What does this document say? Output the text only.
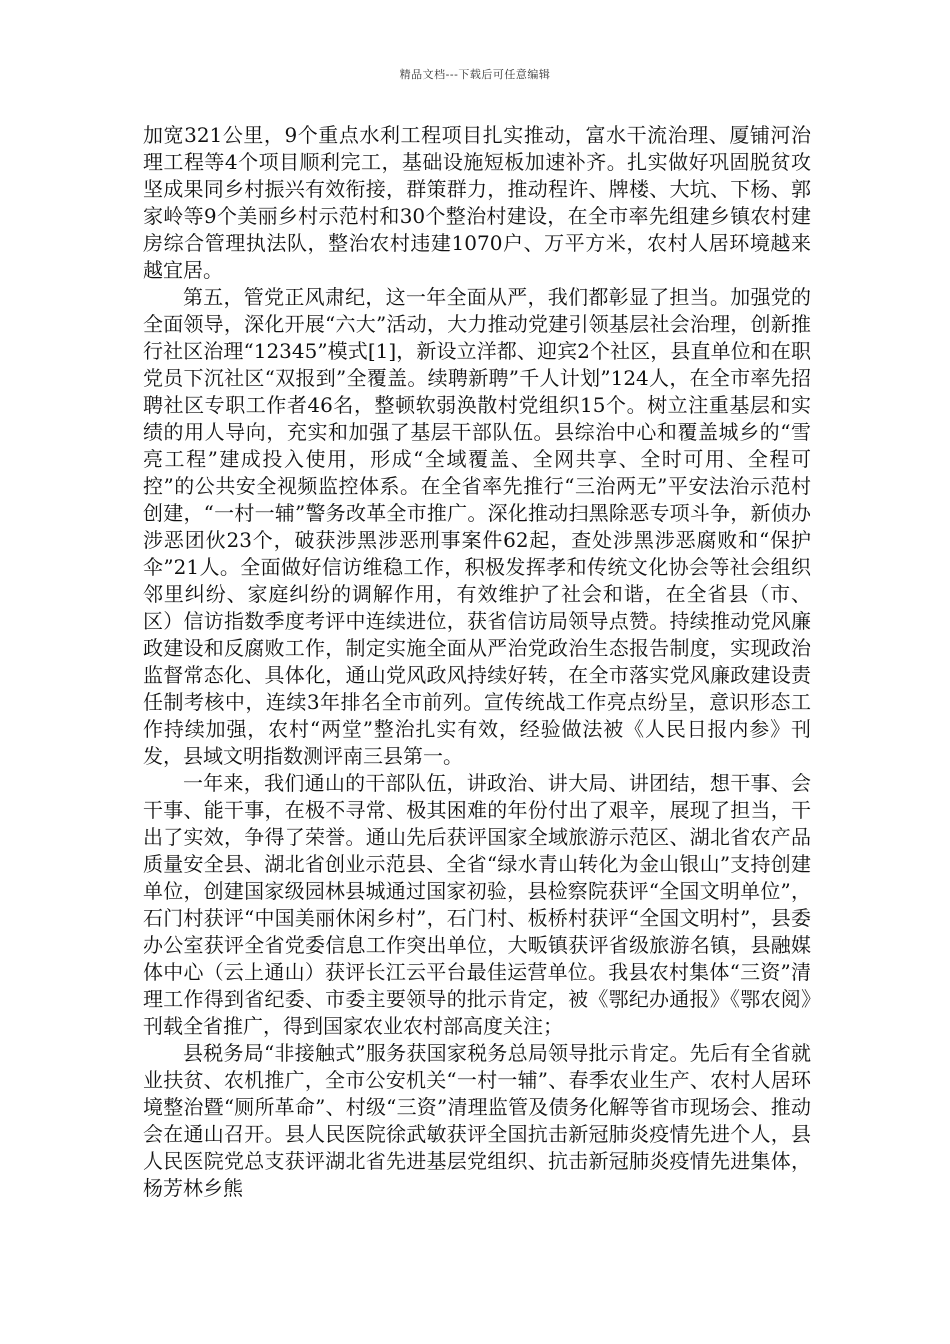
精品文档---下载后可任意编辑

加宽321公里，9个重点水利工程项目扎实推动，富水干流治理、厦铺河治理工程等4个项目顺利完工，基础设施短板加速补齐。扎实做好巩固脱贫攻坚成果同乡村振兴有效衔接，群策群力，推动程许、牌楼、大坑、下杨、郭家岭等9个美丽乡村示范村和30个整治村建设，在全市率先组建乡镇农村建房综合管理执法队，整治农村违建1070户、万平方米，农村人居环境越来越宜居。

第五，管党正风肃纪，这一年全面从严，我们都彰显了担当。加强党的全面领导，深化开展“六大”活动，大力推动党建引领基层社会治理，创新推行社区治理“12345”模式[1]，新设立洋都、迎宾2个社区，县直单位和在职党员下沉社区“双报到”全覆盖。续聘新聘”千人计划”124人，在全市率先招聘社区专职工作者46名，整顿软弱涣散村党组织15个。树立注重基层和实绩的用人导向，充实和加强了基层干部队伍。县综治中心和覆盖城乡的“雪亮工程”建成投入使用，形成“全域覆盖、全网共享、全时可用、全程可控”的公共安全视频监控体系。在全省率先推行“三治两无”平安法治示范村创建，“一村一辅”警务改革全市推广。深化推动扫黑除恶专项斗争，新侦办涉恶团伙23个，破获涉黑涉恶刑事案件62起，查处涉黑涉恶腐败和“保护伞”21人。全面做好信访维稳工作，积极发挥孝和传统文化协会等社会组织邻里纠纷、家庭纠纷的调解作用，有效维护了社会和谐，在全省县（市、区）信访指数季度考评中连续进位，获省信访局领导点赞。持续推动党风廉政建设和反腐败工作，制定实施全面从严治党政治生态报告制度，实现政治监督常态化、具体化，通山党风政风持续好转，在全市落实党风廉政建设责任制考核中，连续3年排名全市前列。宣传统战工作亮点纷呈，意识形态工作持续加强，农村“两堂”整治扎实有效，经验做法被《人民日报内参》刊发，县域文明指数测评南三县第一。

一年来，我们通山的干部队伍，讲政治、讲大局、讲团结，想干事、会干事、能干事，在极不寻常、极其困难的年份付出了艰辛，展现了担当，干出了实效，争得了荣誉。通山先后获评国家全域旅游示范区、湖北省农产品质量安全县、湖北省创业示范县、全省“绿水青山转化为金山银山”支持创建单位，创建国家级园林县城通过国家初验，县检察院获评“全国文明单位”，石门村获评“中国美丽休闲乡村”，石门村、板桥村获评“全国文明村”，县委办公室获评全省党委信息工作突出单位，大畈镇获评省级旅游名镇，县融媒体中心（云上通山）获评长江云平台最佳运营单位。我县农村集体“三资”清理工作得到省纪委、市委主要领导的批示肯定，被《鄂纪办通报》《鄂农阅》刊载全省推广，得到国家农业农村部高度关注；

县税务局“非接触式”服务获国家税务总局领导批示肯定。先后有全省就业扶贫、农机推广，全市公安机关“一村一辅”、春季农业生产、农村人居环境整治暨“厕所革命”、村级“三资”清理监管及债务化解等省市现场会、推动会在通山召开。县人民医院徐武敏获评全国抗击新冠肺炎疫情先进个人，县人民医院党总支获评湖北省先进基层党组织、抗击新冠肺炎疫情先进集体，杨芳林乡熊
